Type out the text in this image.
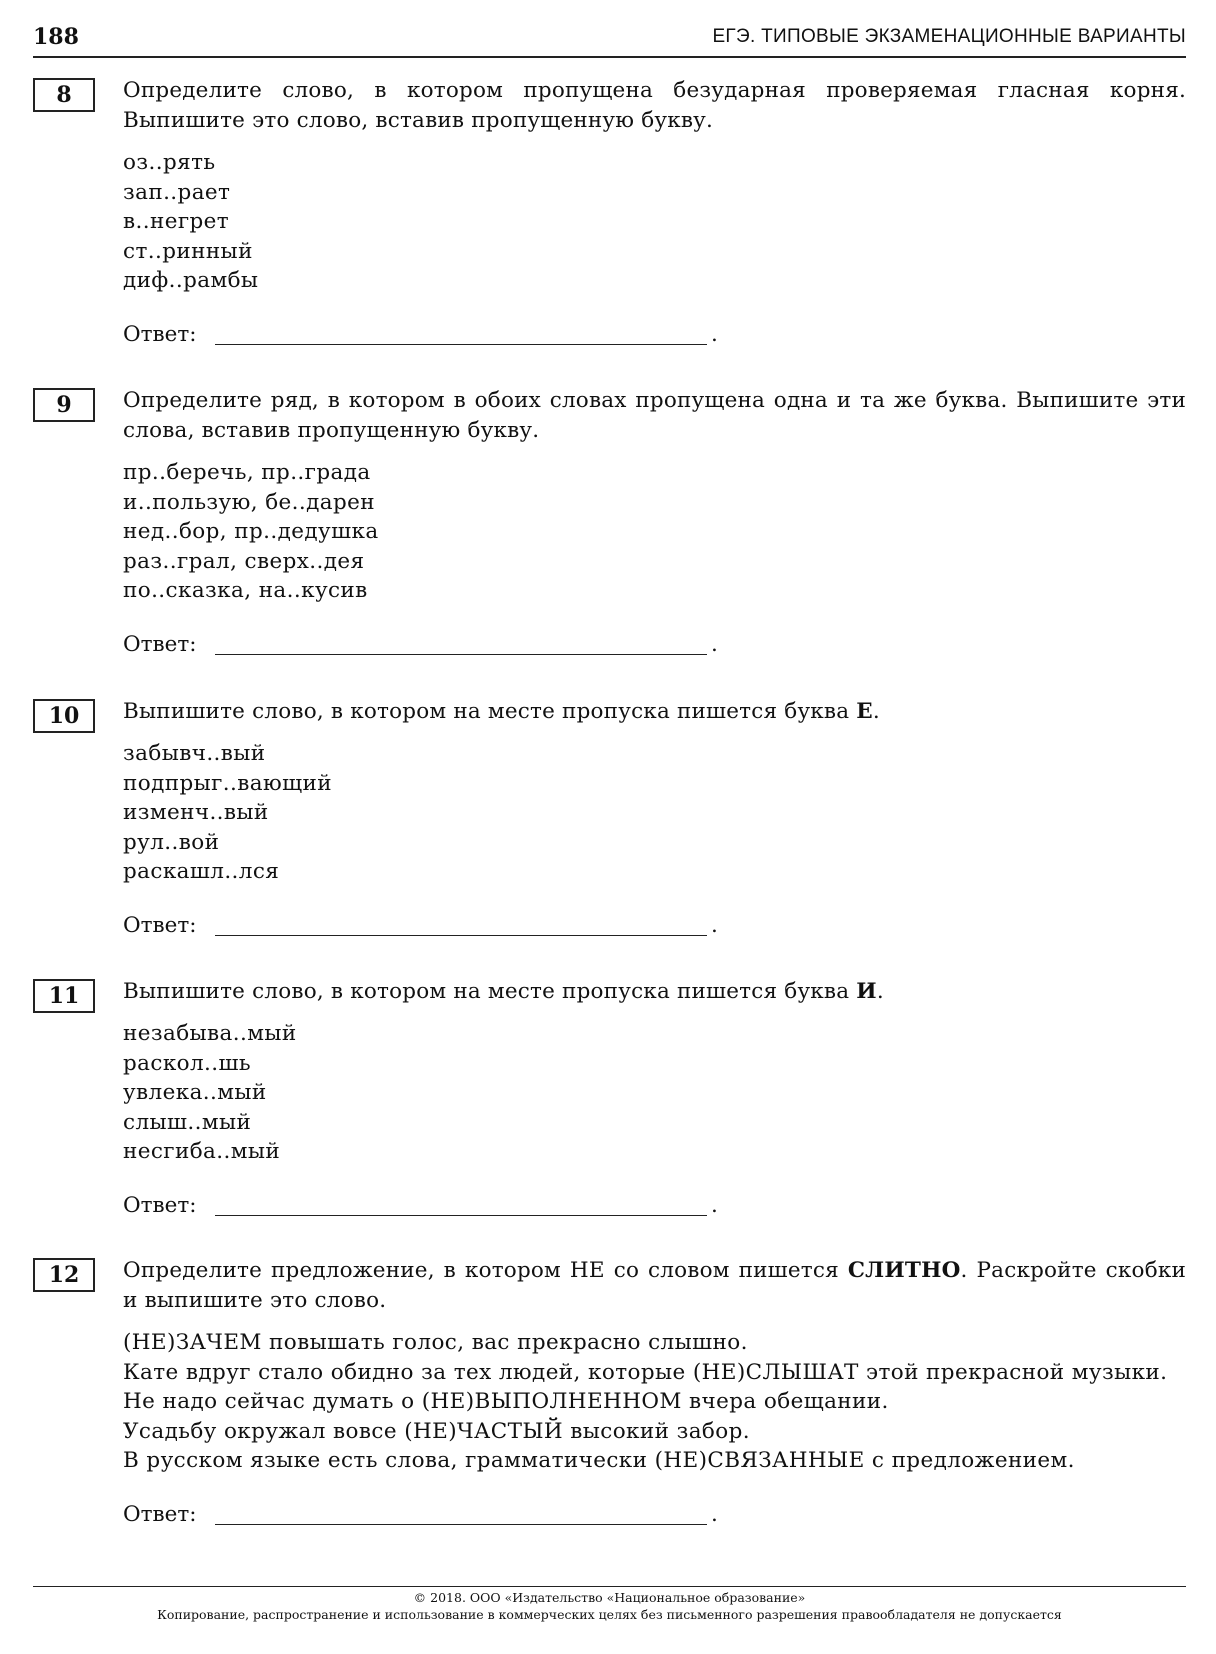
188	ЕГЭ. ТИПОВЫЕ ЭКЗАМЕНАЦИОННЫЕ ВАРИАНТЫ
8	Определите слово, в котором пропущена безударная проверяемая гласная корня. Выпишите это слово, вставив пропущенную букву.

оз..рять
зап..рает
в..негрет
ст..ринный
диф..рамбы
Ответ:	.
9	Определите ряд, в котором в обоих словах пропущена одна и та же буква. Выпишите эти слова, вставив пропущенную букву.

пр..беречь, пр..града
и..пользую, бе..дарен
нед..бор, пр..дедушка
раз..грал, сверх..дея
по..сказка, на..кусив
Ответ:	.
10	Выпишите слово, в котором на месте пропуска пишется буква Е.

забывч..вый
подпрыг..вающий
изменч..вый
рул..вой
раскашл..лся
Ответ:	.
11	Выпишите слово, в котором на месте пропуска пишется буква И.

незабыва..мый
раскол..шь
увлека..мый
слыш..мый
несгиба..мый
Ответ:	.
12	Определите предложение, в котором НЕ со словом пишется СЛИТНО. Раскройте скобки и выпишите это слово.

(НЕ)ЗАЧЕМ повышать голос, вас прекрасно слышно.
Кате вдруг стало обидно за тех людей, которые (НЕ)СЛЫШАТ этой прекрасной музыки.
Не надо сейчас думать о (НЕ)ВЫПОЛНЕННОМ вчера обещании.
Усадьбу окружал вовсе (НЕ)ЧАСТЫЙ высокий забор.
В русском языке есть слова, грамматически (НЕ)СВЯЗАННЫЕ с предложением.
Ответ:	.
© 2018. ООО «Издательство «Национальное образование»
Копирование, распространение и использование в коммерческих целях без письменного разрешения правообладателя не допускается
